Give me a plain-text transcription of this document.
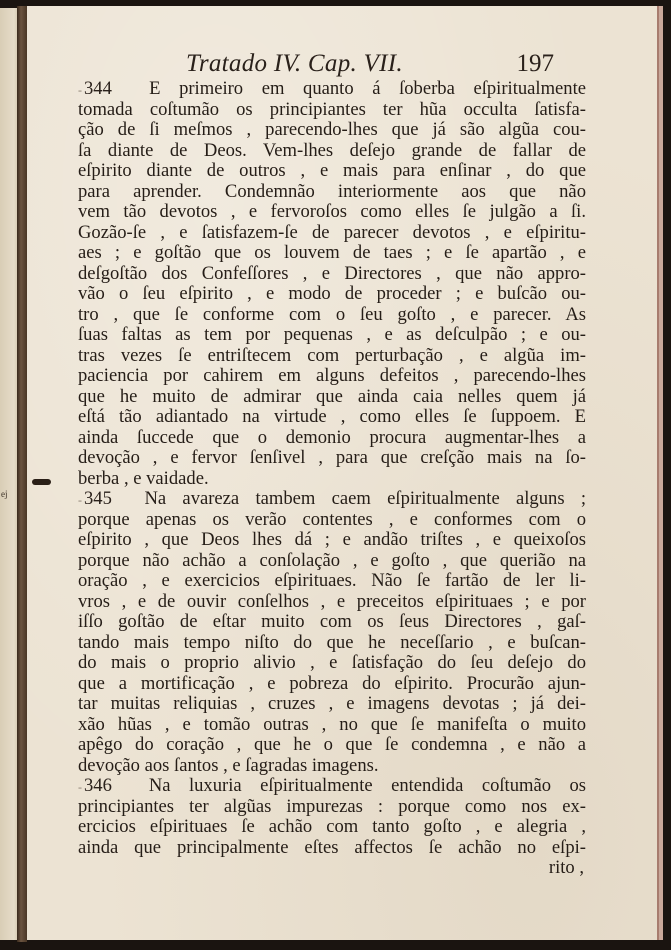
ej
Tratado IV. Cap. VII.	197
- 344 E primeiro em quanto á ſoberba eſpiritualmente
tomada coſtumão os principiantes ter hũa occulta ſatisfa-
ção de ſi meſmos , parecendo-lhes que já são algũa cou-
ſa diante de Deos. Vem-lhes deſejo grande de fallar de
eſpirito diante de outros , e mais para enſinar , do que
para aprender. Condemnão interiormente aos que não
vem tão devotos , e fervoroſos como elles ſe julgão a ſi.
Gozão-ſe , e ſatisfazem-ſe de parecer devotos , e eſpiritu-
aes ; e goſtão que os louvem de taes ; e ſe apartão , e
deſgoſtão dos Confeſſores , e Directores , que não appro-
vão o ſeu eſpirito , e modo de proceder ; e buſcão ou-
tro , que ſe conforme com o ſeu goſto , e parecer. As
ſuas faltas as tem por pequenas , e as deſculpão ; e ou-
tras vezes ſe entriſtecem com perturbação , e algũa im-
paciencia por cahirem em alguns defeitos , parecendo-lhes
que he muito de admirar que ainda caia nelles quem já
eſtá tão adiantado na virtude , como elles ſe ſuppoem. E
ainda ſuccede que o demonio procura augmentar-lhes a
devoção , e fervor ſenſivel , para que creſção mais na ſo-
berba , e vaidade.
- 345 Na avareza tambem caem eſpiritualmente alguns ;
porque apenas os verão contentes , e conformes com o
eſpirito , que Deos lhes dá ; e andão triſtes , e queixoſos
porque não achão a conſolação , e goſto , que querião na
oração , e exercicios eſpirituaes. Não ſe fartão de ler li-
vros , e de ouvir conſelhos , e preceitos eſpirituaes ; e por
iſſo goſtão de eſtar muito com os ſeus Directores , gaſ-
tando mais tempo niſto do que he neceſſario , e buſcan-
do mais o proprio alivio , e ſatisfação do ſeu deſejo do
que a mortificação , e pobreza do eſpirito. Procurão ajun-
tar muitas reliquias , cruzes , e imagens devotas ; já dei-
xão hũas , e tomão outras , no que ſe manifeſta o muito
apêgo do coração , que he o que ſe condemna , e não a
devoção aos ſantos , e ſagradas imagens.
- 346 Na luxuria eſpiritualmente entendida coſtumão os
principiantes ter algũas impurezas : porque como nos ex-
ercicios eſpirituaes ſe achão com tanto goſto , e alegria ,
ainda que principalmente eſtes affectos ſe achão no eſpi-
rito ,
